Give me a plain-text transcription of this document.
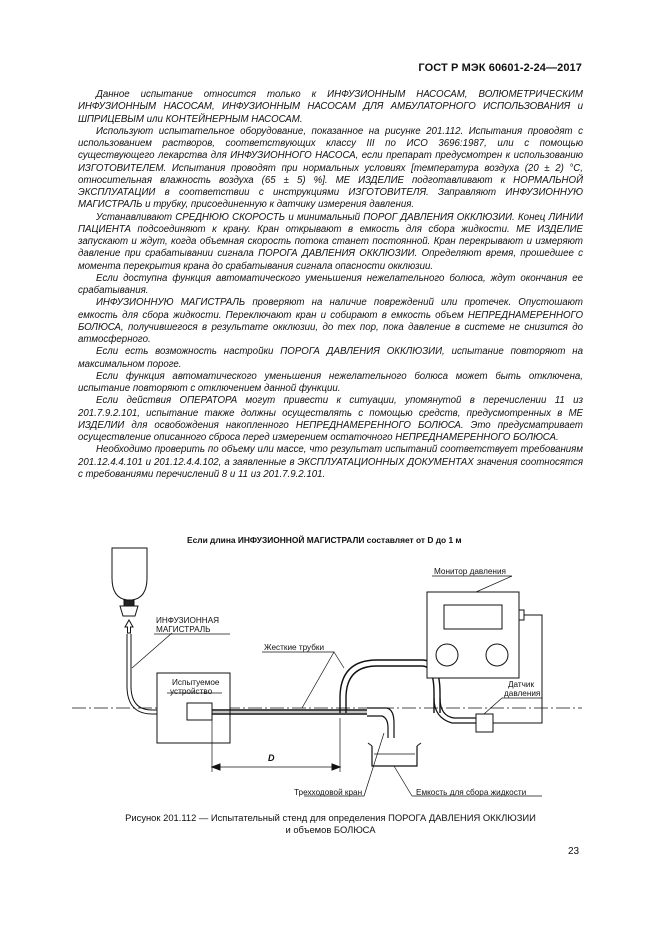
ГОСТ Р МЭК 60601-2-24—2017

Данное испытание относится только к ИНФУЗИОННЫМ НАСОСАМ, ВОЛЮМЕТРИЧЕСКИМ ИНФУЗИОННЫМ НАСОСАМ, ИНФУЗИОННЫМ НАСОСАМ ДЛЯ АМБУЛАТОРНОГО ИСПОЛЬЗОВАНИЯ и ШПРИЦЕВЫМ или КОНТЕЙНЕРНЫМ НАСОСАМ.

Используют испытательное оборудование, показанное на рисунке 201.112. Испытания проводят с использованием растворов, соответствующих классу III по ИСО 3696:1987, или с помощью существующего лекарства для ИНФУЗИОННОГО НАСОСА, если препарат предусмотрен к использованию ИЗГОТОВИТЕЛЕМ. Испытания проводят при нормальных условиях [температура воздуха (20 ± 2) °С, относительная влажность воздуха (65 ± 5) %]. МЕ ИЗДЕЛИЕ подготавливают к НОРМАЛЬНОЙ ЭКСПЛУАТАЦИИ в соответствии с инструкциями ИЗГОТОВИТЕЛЯ. Заправляют ИНФУЗИОННУЮ МАГИСТРАЛЬ и трубку, присоединенную к датчику измерения давления.

Устанавливают СРЕДНЮЮ СКОРОСТЬ и минимальный ПОРОГ ДАВЛЕНИЯ ОККЛЮЗИИ. Конец ЛИНИИ ПАЦИЕНТА подсоединяют к крану. Кран открывают в емкость для сбора жидкости. МЕ ИЗДЕЛИЕ запускают и ждут, когда объемная скорость потока станет постоянной. Кран перекрывают и измеряют давление при срабатывании сигнала ПОРОГА ДАВЛЕНИЯ ОККЛЮЗИИ. Определяют время, прошедшее с момента перекрытия крана до срабатывания сигнала опасности окклюзии.

Если доступна функция автоматического уменьшения нежелательного болюса, ждут окончания ее срабатывания.

ИНФУЗИОННУЮ МАГИСТРАЛЬ проверяют на наличие повреждений или протечек. Опустошают емкость для сбора жидкости. Переключают кран и собирают в емкость объем НЕПРЕДНАМЕРЕННОГО БОЛЮСА, получившегося в результате окклюзии, до тех пор, пока давление в системе не снизится до атмосферного.

Если есть возможность настройки ПОРОГА ДАВЛЕНИЯ ОККЛЮЗИИ, испытание повторяют на максимальном пороге.

Если функция автоматического уменьшения нежелательного болюса может быть отключена, испытание повторяют с отключением данной функции.

Если действия ОПЕРАТОРА могут привести к ситуации, упомянутой в перечислении 11 из 201.7.9.2.101, испытание также должны осуществлять с помощью средств, предусмотренных в МЕ ИЗДЕЛИИ для освобождения накопленного НЕПРЕДНАМЕРЕННОГО БОЛЮСА. Это предусматривает осуществление описанного сброса перед измерением остаточного НЕПРЕДНАМЕРЕННОГО БОЛЮСА.

Необходимо проверить по объему или массе, что результат испытаний соответствует требованиям 201.12.4.4.101 и 201.12.4.4.102, а заявленные в ЭКСПЛУАТАЦИОННЫХ ДОКУМЕНТАХ значения соотносятся с требованиями перечислений 8 и 11 из 201.7.9.2.101.

Если длина ИНФУЗИОННОЙ МАГИСТРАЛИ составляет от D до 1 м
ИНФУЗИОННАЯ
МАГИСТРАЛЬ
Монитор давления
Жесткие трубки
Испытуемое
устройство
Датчик
давления
D
Трехходовой кран	Емкость для сбора жидкости
Рисунок 201.112 — Испытательный стенд для определения ПОРОГА ДАВЛЕНИЯ ОККЛЮЗИИ
и объемов БОЛЮСА
23
